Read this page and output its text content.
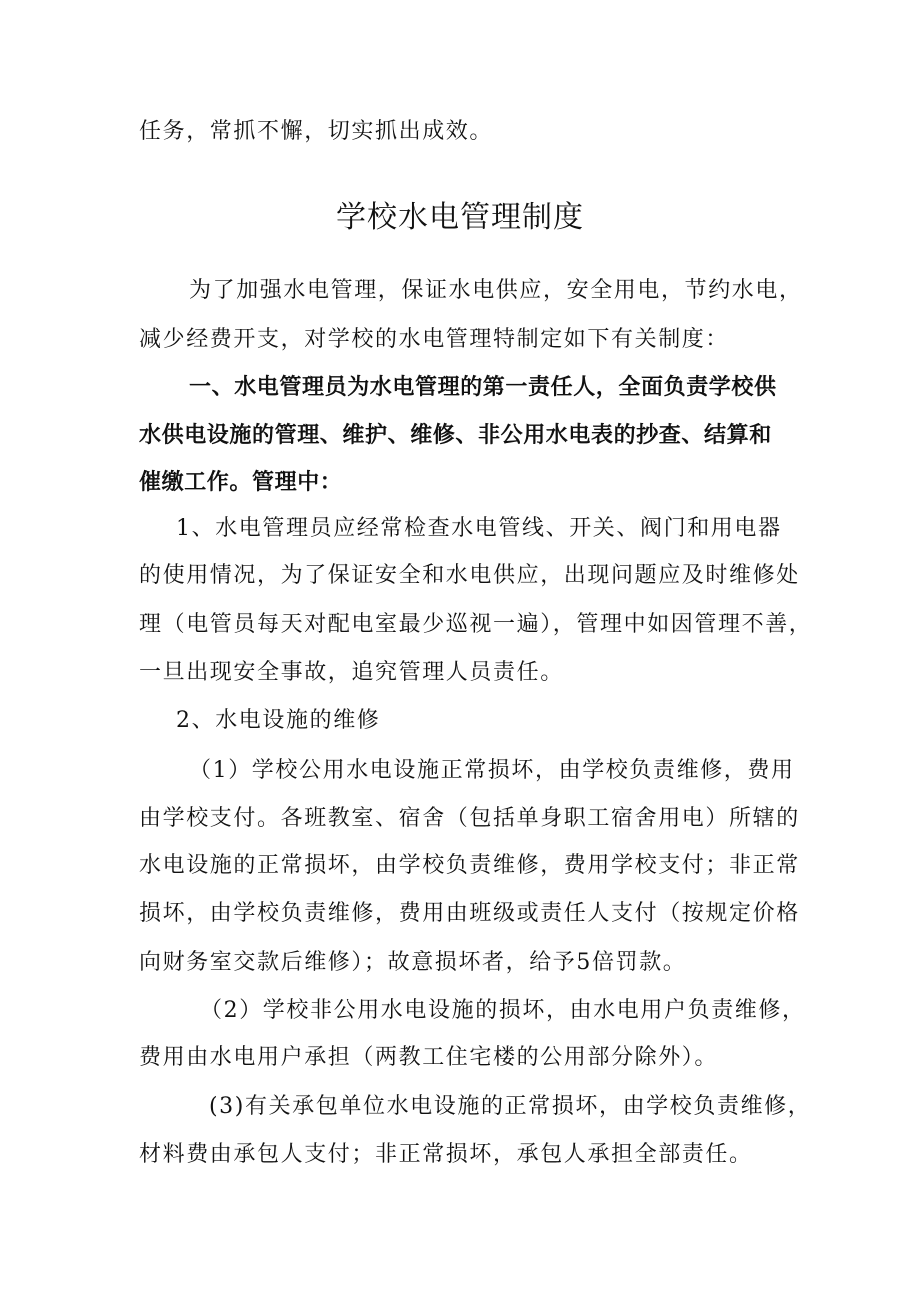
任务，常抓不懈，切实抓出成效。
学校水电管理制度
为了加强水电管理，保证水电供应，安全用电，节约水电，
减少经费开支，对学校的水电管理特制定如下有关制度：
一、水电管理员为水电管理的第一责任人，全面负责学校供
水供电设施的管理、维护、维修、非公用水电表的抄查、结算和
催缴工作。管理中：
1、水电管理员应经常检查水电管线、开关、阀门和用电器
的使用情况，为了保证安全和水电供应，出现问题应及时维修处
理（电管员每天对配电室最少巡视一遍），管理中如因管理不善，
一旦出现安全事故，追究管理人员责任。
2、水电设施的维修
（1）学校公用水电设施正常损坏，由学校负责维修，费用
由学校支付。各班教室、宿舍（包括单身职工宿舍用电）所辖的
水电设施的正常损坏，由学校负责维修，费用学校支付；非正常
损坏，由学校负责维修，费用由班级或责任人支付（按规定价格
向财务室交款后维修）；故意损坏者，给予5倍罚款。
（2）学校非公用水电设施的损坏，由水电用户负责维修，
费用由水电用户承担（两教工住宅楼的公用部分除外）。
(3)有关承包单位水电设施的正常损坏，由学校负责维修，
材料费由承包人支付；非正常损坏，承包人承担全部责任。
